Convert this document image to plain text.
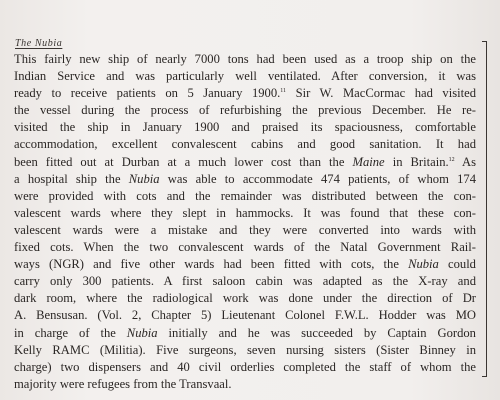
The Nubia
This fairly new ship of nearly 7000 tons had been used as a troop ship on the
Indian Service and was particularly well ventilated. After conversion, it was
ready to receive patients on 5 January 1900.11 Sir W. MacCormac had visited
the vessel during the process of refurbishing the previous December. He re-
visited the ship in January 1900 and praised its spaciousness, comfortable
accommodation, excellent convalescent cabins and good sanitation. It had
been fitted out at Durban at a much lower cost than the Maine in Britain.$^{12}$ As
a hospital ship the Nubia was able to accommodate 474 patients, of whom 174
were provided with cots and the remainder was distributed between the con-
valescent wards where they slept in hammocks. It was found that these con-
valescent wards were a mistake and they were converted into wards with
fixed cots. When the two convalescent wards of the Natal Government Rail-
ways (NGR) and five other wards had been fitted with cots, the Nubia could
carry only 300 patients. A first saloon cabin was adapted as the X-ray and
dark room, where the radiological work was done under the direction of Dr
A. Bensusan. (Vol. 2, Chapter 5) Lieutenant Colonel F.W.L. Hodder was MO
in charge of the Nubia initially and he was succeeded by Captain Gordon
Kelly RAMC (Militia). Five surgeons, seven nursing sisters (Sister Binney in
charge) two dispensers and 40 civil orderlies completed the staff of whom the
majority were refugees from the Transvaal.
